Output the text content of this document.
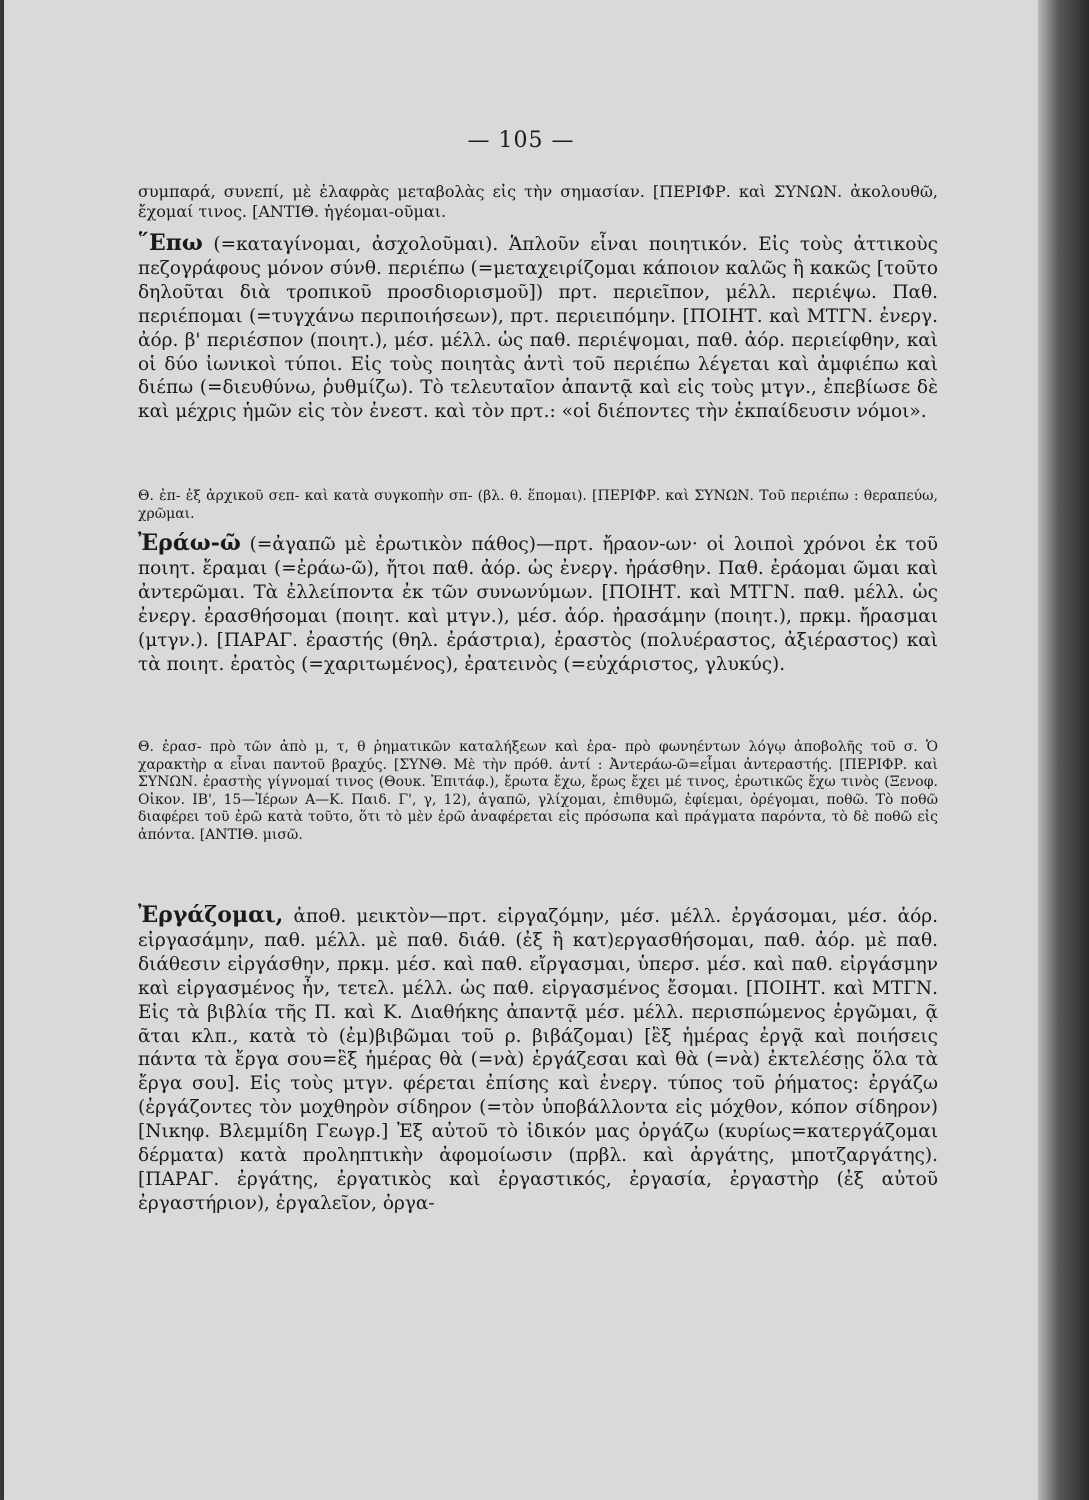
— 105 —

συμπαρά, συνεπί, μὲ ἐλαφρὰς μεταβολὰς εἰς τὴν σημασίαν. [ΠΕΡΙΦΡ. καὶ ΣΥΝΩΝ. ἀκολουθῶ, ἔχομαί τινος. [ΑΝΤΙΘ. ἡγέομαι-οῦμαι.

῞Επω (=καταγίνομαι, ἀσχολοῦμαι). Ἁπλοῦν εἶναι ποιητικόν. Εἰς τοὺς ἀττικοὺς πεζογράφους μόνον σύνθ. περιέπω (=μεταχειρίζομαι κάποιον καλῶς ἢ κακῶς [τοῦτο δηλοῦται διὰ τροπικοῦ προσδιορισμοῦ]) πρτ. περιεῖπον, μέλλ. περιέψω. Παθ. περιέπομαι (=τυγχάνω περιποιήσεων), πρτ. περιειπόμην. [ΠΟΙΗΤ. καὶ ΜΤΓΝ. ἐνεργ. ἀόρ. β' περιέσπον (ποιητ.), μέσ. μέλλ. ὡς παθ. περιέψομαι, παθ. ἀόρ. περιείφθην, καὶ οἱ δύο ἰωνικοὶ τύποι. Εἰς τοὺς ποιητὰς ἀντὶ τοῦ περιέπω λέγεται καὶ ἀμφιέπω καὶ διέπω (=διευθύνω, ῥυθμίζω). Τὸ τελευταῖον ἀπαντᾷ καὶ εἰς τοὺς μτγν., ἐπεβίωσε δὲ καὶ μέχρις ἡμῶν εἰς τὸν ἐνεστ. καὶ τὸν πρτ.: «οἱ διέποντες τὴν ἐκπαίδευσιν νόμοι».

Θ. ἐπ- ἐξ ἀρχικοῦ σεπ- καὶ κατὰ συγκοπὴν σπ- (βλ. θ. ἕπομαι). [ΠΕΡΙΦΡ. καὶ ΣΥΝΩΝ. Τοῦ περιέπω : θεραπεύω, χρῶμαι.

Ἐράω-ῶ (=ἀγαπῶ μὲ ἐρωτικὸν πάθος)—πρτ. ἤραον-ων· οἱ λοιποὶ χρόνοι ἐκ τοῦ ποιητ. ἔραμαι (=ἐράω-ῶ), ἤτοι παθ. ἀόρ. ὡς ἐνεργ. ἠράσθην. Παθ. ἐράομαι ῶμαι καὶ ἀντερῶμαι. Τὰ ἐλλείποντα ἐκ τῶν συνωνύμων. [ΠΟΙΗΤ. καὶ ΜΤΓΝ. παθ. μέλλ. ὡς ἐνεργ. ἐρασθήσομαι (ποιητ. καὶ μτγν.), μέσ. ἀόρ. ἠρασάμην (ποιητ.), πρκμ. ἤρασμαι (μτγν.). [ΠΑΡΑΓ. ἐραστής (θηλ. ἐράστρια), ἐραστὸς (πολυέραστος, ἀξιέραστος) καὶ τὰ ποιητ. ἐρατὸς (=χαριτωμένος), ἐρατεινὸς (=εὐχάριστος, γλυκύς).

Θ. ἐρασ- πρὸ τῶν ἀπὸ μ, τ, θ ῥηματικῶν καταλήξεων καὶ ἐρα- πρὸ φωνηέντων λόγῳ ἀποβολῆς τοῦ σ. Ὁ χαρακτὴρ α εἶναι παντοῦ βραχύς. [ΣΥΝΘ. Μὲ τὴν πρόθ. ἀντί : Ἀντεράω-ῶ=εἶμαι ἀντεραστής. [ΠΕΡΙΦΡ. καὶ ΣΥΝΩΝ. ἐραστὴς γίγνομαί τινος (Θουκ. Ἐπιτάφ.), ἔρωτα ἔχω, ἔρως ἔχει μέ τινος, ἐρωτικῶς ἔχω τινὸς (Ξενοφ. Οἰκον. ΙΒ', 15—Ἱέρων Α—Κ. Παιδ. Γ', γ, 12), ἀγαπῶ, γλίχομαι, ἐπιθυμῶ, ἐφίεμαι, ὀρέγομαι, ποθῶ. Τὸ ποθῶ διαφέρει τοῦ ἐρῶ κατὰ τοῦτο, ὅτι τὸ μὲν ἐρῶ ἀναφέρεται εἰς πρόσωπα καὶ πράγματα παρόντα, τὸ δὲ ποθῶ εἰς ἀπόντα. [ΑΝΤΙΘ. μισῶ.

Ἐργάζομαι, ἀποθ. μεικτὸν—πρτ. εἰργαζόμην, μέσ. μέλλ. ἐργάσομαι, μέσ. ἀόρ. εἰργασάμην, παθ. μέλλ. μὲ παθ. διάθ. (ἐξ ἢ κατ)εργασθήσομαι, παθ. ἀόρ. μὲ παθ. διάθεσιν εἰργάσθην, πρκμ. μέσ. καὶ παθ. εἴργασμαι, ὑπερσ. μέσ. καὶ παθ. εἰργάσμην καὶ εἰργασμένος ἦν, τετελ. μέλλ. ὡς παθ. εἰργασμένος ἔσομαι. [ΠΟΙΗΤ. καὶ ΜΤΓΝ. Εἰς τὰ βιβλία τῆς Π. καὶ Κ. Διαθήκης ἀπαντᾷ μέσ. μέλλ. περισπώμενος ἐργῶμαι, ᾷ ᾶται κλπ., κατὰ τὸ (ἐμ)βιβῶμαι τοῦ ρ. βιβάζομαι) [ἓξ ἡμέρας ἐργᾷ καὶ ποιήσεις πάντα τὰ ἔργα σου=ἓξ ἡμέρας θὰ (=νὰ) ἐργάζεσαι καὶ θὰ (=νὰ) ἐκτελέσῃς ὅλα τὰ ἔργα σου]. Εἰς τοὺς μτγν. φέρεται ἐπίσης καὶ ἐνεργ. τύπος τοῦ ῥήματος: ἐργάζω (ἐργάζοντες τὸν μοχθηρὸν σίδηρον (=τὸν ὑποβάλλοντα εἰς μόχθον, κόπον σίδηρον) [Νικηφ. Βλεμμίδη Γεωγρ.] Ἐξ αὐτοῦ τὸ ἰδικόν μας ὀργάζω (κυρίως=κατεργάζομαι δέρματα) κατὰ προληπτικὴν ἀφομοίωσιν (πρβλ. καὶ ἀργάτης, μποτζαργάτης). [ΠΑΡΑΓ. ἐργάτης, ἐργατικὸς καὶ ἐργαστικός, ἐργασία, ἐργαστὴρ (ἐξ αὐτοῦ ἐργαστήριον), ἐργαλεῖον, ὀργα-
